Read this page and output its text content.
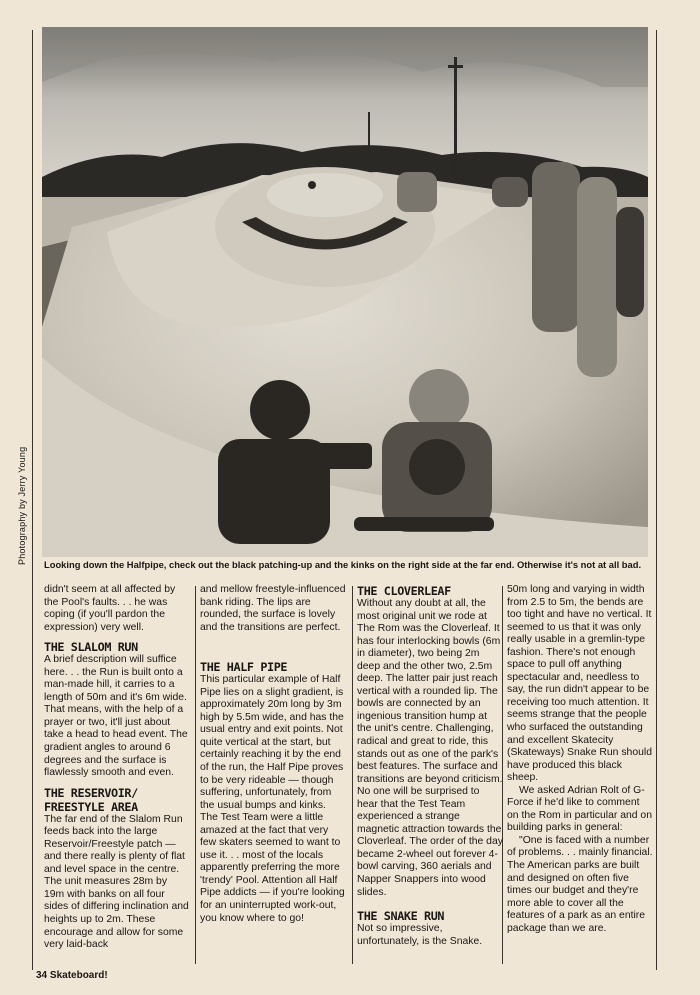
Photography by Jerry Young Looking down the Halfpipe, check out the black patching-up and the kinks on the right side at the far end. Otherwise it's not at all bad.

didn't seem at all affected by the Pool's faults. . . he was coping (if you'll pardon the expression) very well.

THE SLALOM RUN

A brief description will suffice here. . . the Run is built onto a man-made hill, it carries to a length of 50m and it's 6m wide. That means, with the help of a prayer or two, it'll just about take a head to head event. The gradient angles to around 6 degrees and the surface is flawlessly smooth and even.

THE RESERVOIR/ FREESTYLE AREA

The far end of the Slalom Run feeds back into the large Reservoir/Freestyle patch — and there really is plenty of flat and level space in the centre. The unit measures 28m by 19m with banks on all four sides of differing inclination and heights up to 2m. These encourage and allow for some very laid-back

and mellow freestyle-influenced bank riding. The lips are rounded, the surface is lovely and the transitions are perfect.

THE HALF PIPE

This particular example of Half Pipe lies on a slight gradient, is approximately 20m long by 3m high by 5.5m wide, and has the usual entry and exit points. Not quite vertical at the start, but certainly reaching it by the end of the run, the Half Pipe proves to be very rideable — though suffering, unfortunately, from the usual bumps and kinks. The Test Team were a little amazed at the fact that very few skaters seemed to want to use it. . . most of the locals apparently preferring the more 'trendy' Pool. Attention all Half Pipe addicts — if you're looking for an uninterrupted work-out, you know where to go!

THE CLOVERLEAF

Without any doubt at all, the most original unit we rode at The Rom was the Cloverleaf. It has four interlocking bowls (6m in diameter), two being 2m deep and the other two, 2.5m deep. The latter pair just reach vertical with a rounded lip. The bowls are connected by an ingenious transition hump at the unit's centre. Challenging, radical and great to ride, this stands out as one of the park's best features. The surface and transitions are beyond criticism. No one will be surprised to hear that the Test Team experienced a strange magnetic attraction towards the Cloverleaf. The order of the day became 2-wheel out forever 4-bowl carving, 360 aerials and Napper Snappers into wood slides.

THE SNAKE RUN

Not so impressive, unfortunately, is the Snake.

50m long and varying in width from 2.5 to 5m, the bends are too tight and have no vertical. It seemed to us that it was only really usable in a gremlin-type fashion. There's not enough space to pull off anything spectacular and, needless to say, the run didn't appear to be receiving too much attention. It seems strange that the people who surfaced the outstanding and excellent Skatecity (Skateways) Snake Run should have produced this black sheep.

We asked Adrian Rolt of G-Force if he'd like to comment on the Rom in particular and on building parks in general:

"One is faced with a number of problems. . . mainly financial. The American parks are built and designed on often five times our budget and they're more able to cover all the features of a park as an entire package than we are.

34 Skateboard!
